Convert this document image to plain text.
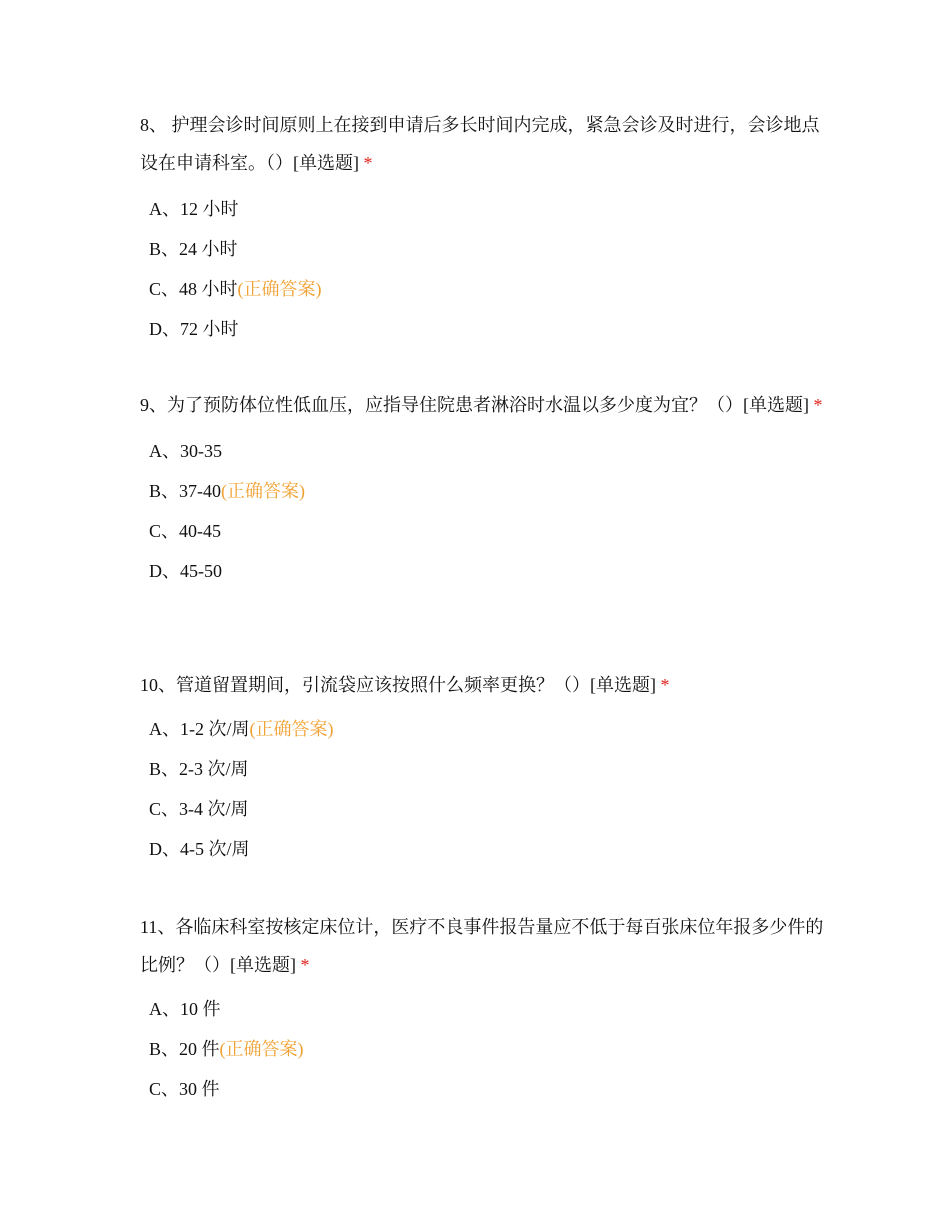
8、 护理会诊时间原则上在接到申请后多长时间内完成，紧急会诊及时进行，会诊地点设在申请科室。（）[单选题] *

A、12 小时
B、24 小时
C、48 小时(正确答案)
D、72 小时

9、为了预防体位性低血压，应指导住院患者淋浴时水温以多少度为宜？（）[单选题] *

A、30-35
B、37-40(正确答案)
C、40-45
D、45-50

10、管道留置期间，引流袋应该按照什么频率更换？（）[单选题] *

A、1-2 次/周(正确答案)
B、2-3 次/周
C、3-4 次/周
D、4-5 次/周

11、各临床科室按核定床位计，医疗不良事件报告量应不低于每百张床位年报多少件的比例？（）[单选题] *

A、10 件
B、20 件(正确答案)
C、30 件
